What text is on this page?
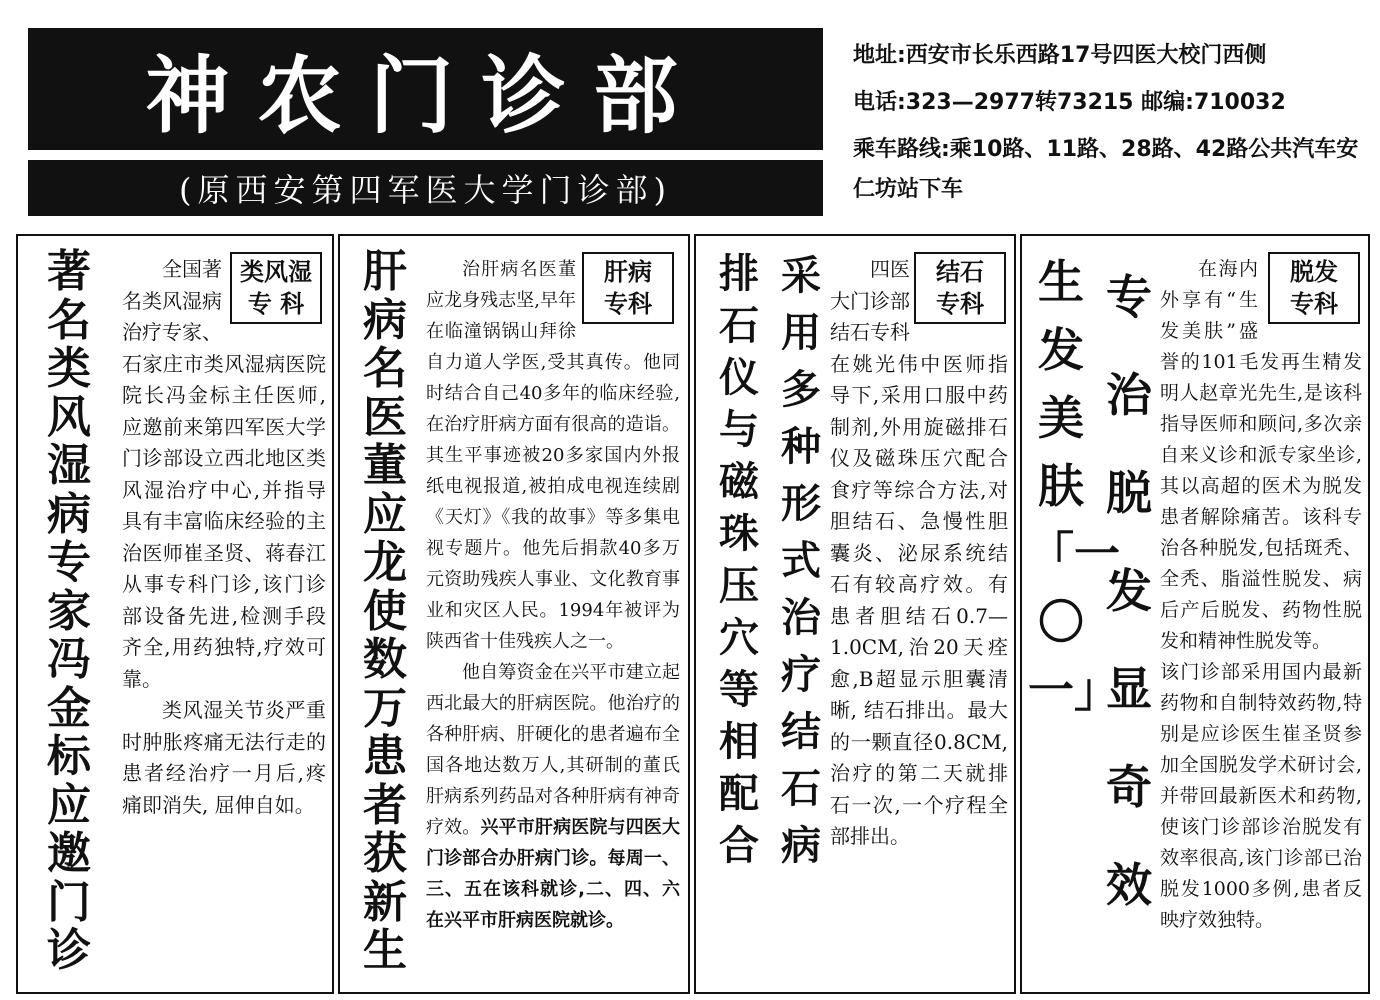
神农门诊部
(原西安第四军医大学门诊部)
地址:西安市长乐西路17号四医大校门西侧
电话:323—2977转73215 邮编:710032
乘车路线:乘10路、11路、28路、42路公共汽车安
仁坊站下车
著名类风湿病专家冯金标应邀门诊
类风湿
专 科

全国著名类风湿病治疗专家、石家庄市类风湿病医院院长冯金标主任医师,应邀前来第四军医大学门诊部设立西北地区类风湿治疗中心,并指导具有丰富临床经验的主治医师崔圣贤、蒋春江从事专科门诊,该门诊部设备先进,检测手段齐全,用药独特,疗效可靠。

类风湿关节炎严重时肿胀疼痛无法行走的患者经治疗一月后,疼痛即消失, 屈伸自如。

肝病名医董应龙使数万患者获新生
肝病
专科

治肝病名医董应龙身残志坚,早年在临潼锅锅山拜徐自力道人学医,受其真传。他同时结合自己40多年的临床经验,在治疗肝病方面有很高的造诣。其生平事迹被20多家国内外报纸电视报道,被拍成电视连续剧《天灯》《我的故事》等多集电视专题片。他先后捐款40多万元资助残疾人事业、文化教育事业和灾区人民。1994年被评为陕西省十佳残疾人之一。

他自筹资金在兴平市建立起西北最大的肝病医院。他治疗的各种肝病、肝硬化的患者遍布全国各地达数万人,其研制的董氏肝病系列药品对各种肝病有神奇疗效。兴平市肝病医院与四医大门诊部合办肝病门诊。每周一、三、五在该科就诊,二、四、六在兴平市肝病医院就诊。

排石仪与磁珠压穴等相配合
采用多种形式治疗结石病
结石
专科

四医大门诊部结石专科在姚光伟中医师指导下,采用口服中药制剂,外用旋磁排石仪及磁珠压穴配合食疗等综合方法,对胆结石、急慢性胆囊炎、泌尿系统结石有较高疗效。有患者胆结石0.7—1.0CM,治20天痊愈,B超显示胆囊清晰, 结石排出。最大的一颗直径0.8CM, 治疗的第二天就排石一次,一个疗程全部排出。

生发美肤「一〇一」
专治脱发显奇效
脱发
专科

在海内外享有“生发美肤”盛誉的101毛发再生精发明人赵章光先生,是该科指导医师和顾问,多次亲自来义诊和派专家坐诊,其以高超的医术为脱发患者解除痛苦。该科专治各种脱发,包括斑秃、全秃、脂溢性脱发、病后产后脱发、药物性脱发和精神性脱发等。

该门诊部采用国内最新药物和自制特效药物,特别是应诊医生崔圣贤参加全国脱发学术研讨会,并带回最新医术和药物,使该门诊部诊治脱发有效率很高,该门诊部已治脱发1000多例,患者反映疗效独特。
